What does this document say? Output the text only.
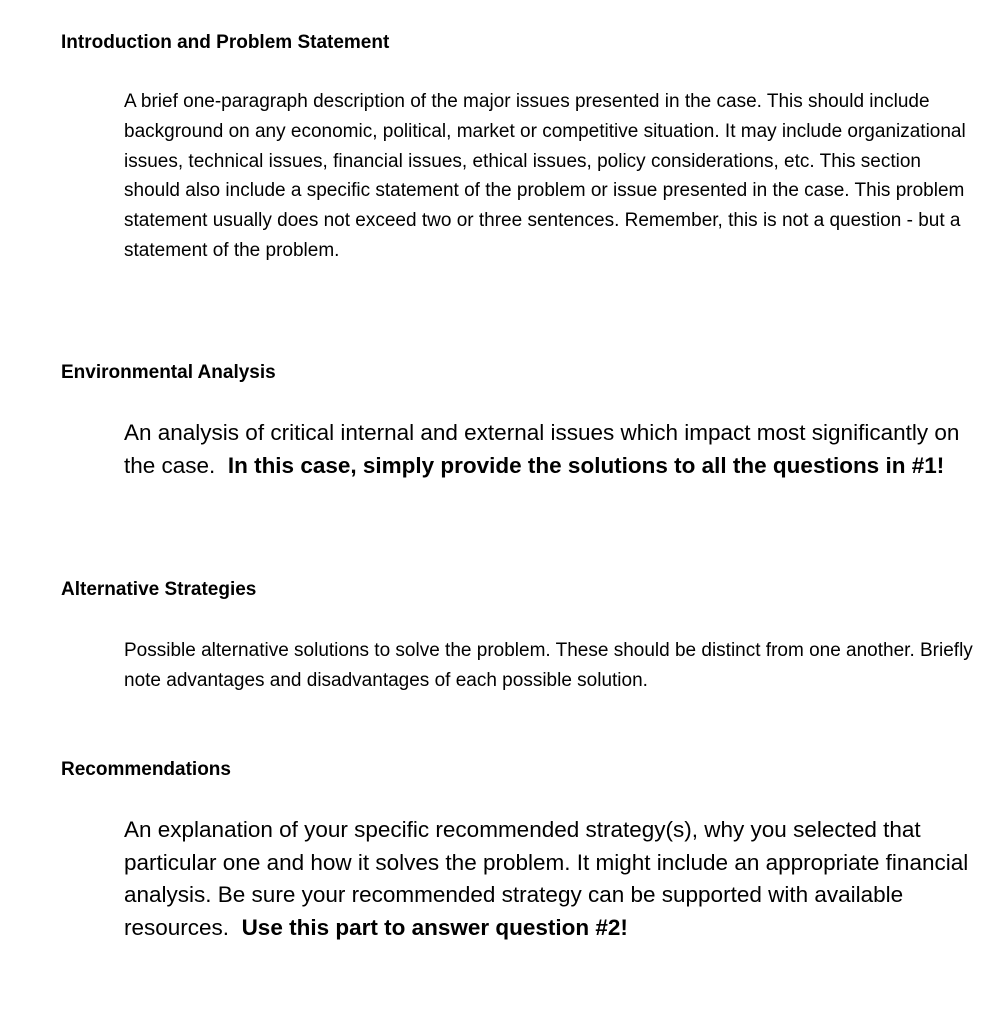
Introduction and Problem Statement

A brief one-paragraph description of the major issues presented in the case. This should include background on any economic, political, market or competitive situation. It may include organizational issues, technical issues, financial issues, ethical issues, policy considerations, etc. This section should also include a specific statement of the problem or issue presented in the case. This problem statement usually does not exceed two or three sentences. Remember, this is not a question - but a statement of the problem.

Environmental Analysis

An analysis of critical internal and external issues which impact most significantly on the case. In this case, simply provide the solutions to all the questions in #1!

Alternative Strategies

Possible alternative solutions to solve the problem. These should be distinct from one another. Briefly note advantages and disadvantages of each possible solution.

Recommendations

An explanation of your specific recommended strategy(s), why you selected that particular one and how it solves the problem. It might include an appropriate financial analysis. Be sure your recommended strategy can be supported with available resources. Use this part to answer question #2!
